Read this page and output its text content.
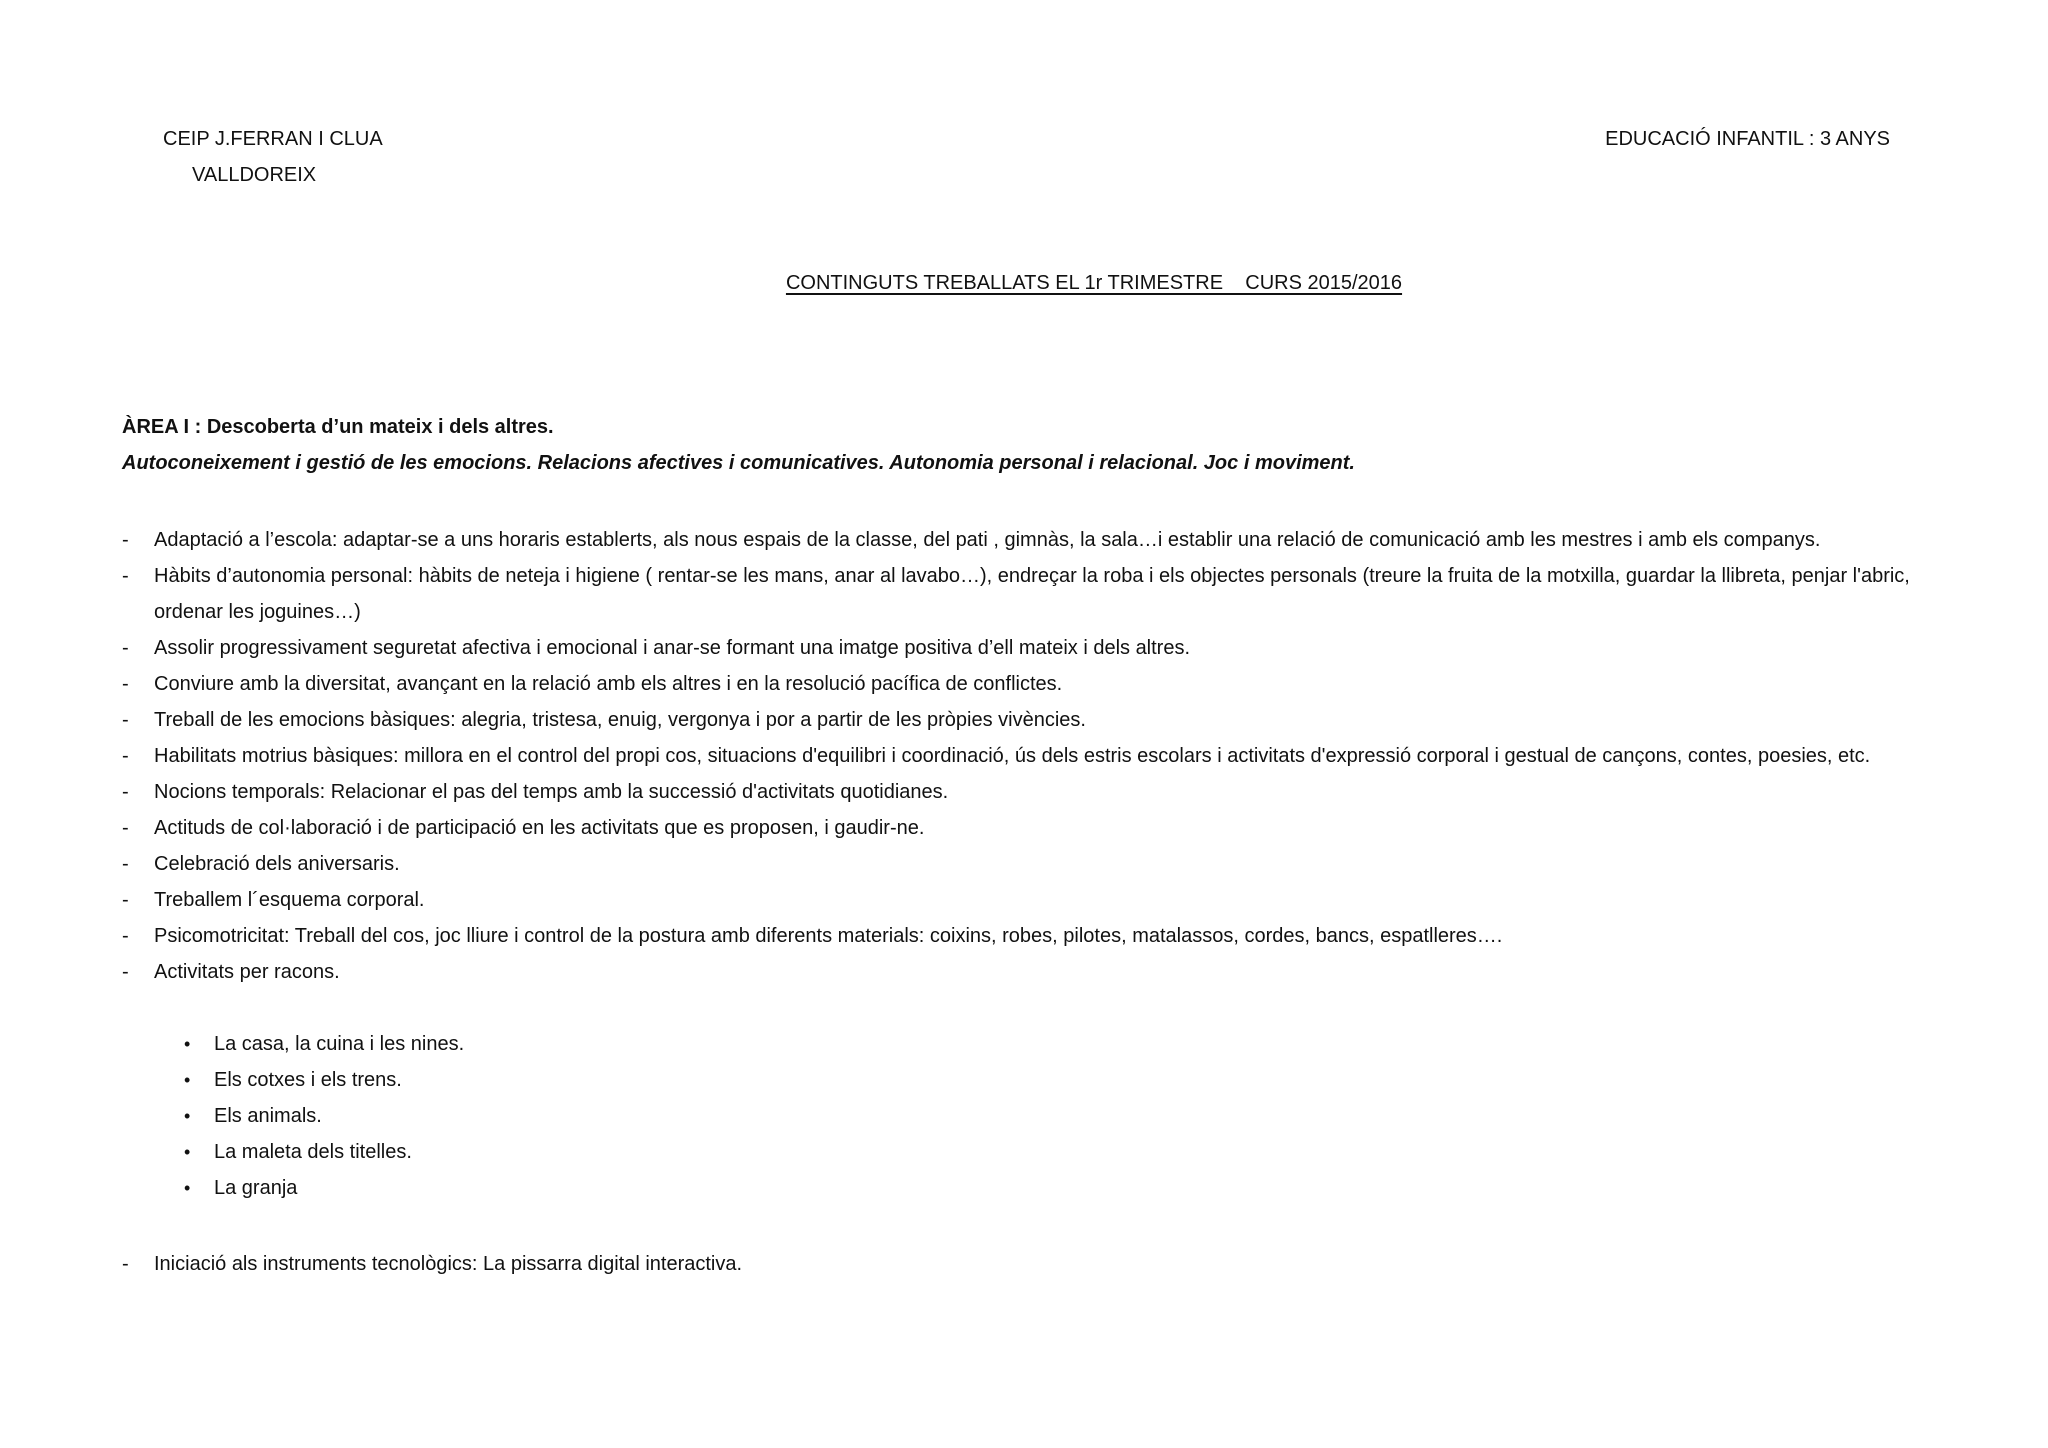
CEIP J.FERRAN I CLUA
VALLDOREIX
EDUCACIÓ INFANTIL : 3 ANYS
CONTINGUTS TREBALLATS EL 1r TRIMESTRE    CURS 2015/2016
ÀREA I : Descoberta d’un mateix i dels altres.
Autoconeixement i gestió de les emocions. Relacions afectives i comunicatives. Autonomia personal i relacional. Joc i moviment.
- Adaptació a l’escola: adaptar-se a uns horaris establerts, als nous espais de la classe, del pati , gimnàs, la sala…i establir una relació de comunicació amb les mestres i amb els companys.
- Hàbits d’autonomia personal: hàbits de neteja i higiene ( rentar-se les mans, anar al lavabo…), endreçar la roba i els objectes personals (treure la fruita de la motxilla, guardar la llibreta, penjar l'abric, ordenar les joguines…)
- Assolir progressivament seguretat afectiva i emocional i anar-se formant una imatge positiva d’ell mateix i dels altres.
- Conviure amb la diversitat, avançant en la relació amb els altres i en la resolució pacífica de conflictes.
- Treball de les emocions bàsiques: alegria, tristesa, enuig, vergonya i por a partir de les pròpies vivències.
- Habilitats motrius bàsiques: millora en el control del propi cos, situacions d'equilibri i coordinació, ús dels estris escolars i activitats d'expressió corporal i gestual de cançons, contes, poesies, etc.
- Nocions temporals: Relacionar el pas del temps amb la successió d'activitats quotidianes.
- Actituds de col·laboració i de participació en les activitats que es proposen, i gaudir-ne.
- Celebració dels aniversaris.
- Treballem l´esquema corporal.
- Psicomotricitat: Treball del cos, joc lliure i control de la postura amb diferents materials: coixins, robes, pilotes, matalassos, cordes, bancs, espatlleres….
- Activitats per racons.
• La casa, la cuina i les nines.
• Els cotxes i els trens.
• Els animals.
• La maleta dels titelles.
• La granja
- Iniciació als instruments tecnològics: La pissarra digital interactiva.
